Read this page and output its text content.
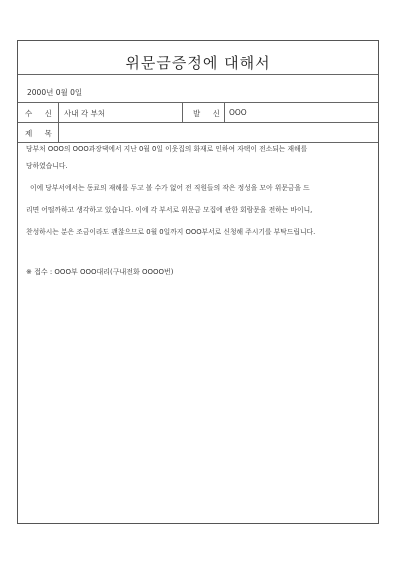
위문금증정에 대해서
2000년 0월 0일
수 신 사내 각 부처	발 신 OOO
제 목
당부처 OOO의 OOO과장댁에서 지난 0월 0일 이웃집의 화재로 인하여 자택이 전소되는 재해를
당하였습니다.
이에 당부서에서는 동료의 재해를 두고 볼 수가 없어 전 직원들의 작은 정성을 모아 위문금을 드
리면 어떨까하고 생각하고 있습니다. 이에 각 부서로 위문금 모집에 관한 회람문을 전하는 바이니,
찬성하시는 분은 조금이라도 괜찮으므로 0월 0일까지 OOO부서로 신청해 주시기를 부탁드립니다.
※ 접수 : OOO부 OOO대리(구내전화 OOOO번)
